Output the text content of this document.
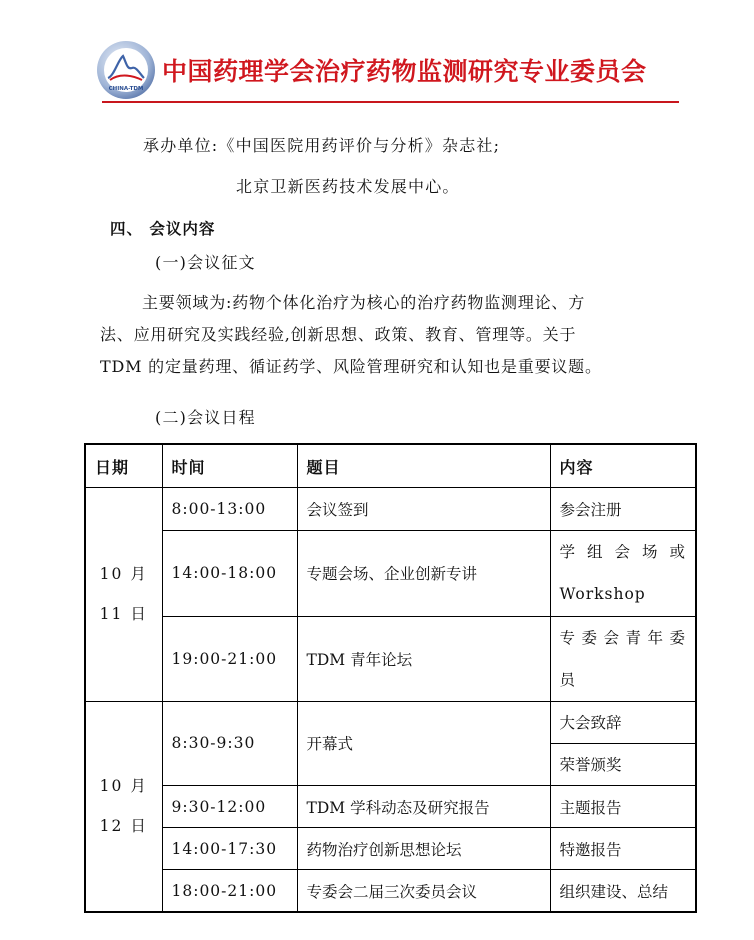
CHINA-TDM
中国药理学会治疗药物监测研究专业委员会
承办单位:《中国医院用药评价与分析》杂志社;
北京卫新医药技术发展中心。
四、 会议内容
(一)会议征文
主要领域为:药物个体化治疗为核心的治疗药物监测理论、方
法、应用研究及实践经验,创新思想、政策、教育、管理等。关于
TDM 的定量药理、循证药学、风险管理研究和认知也是重要议题。
(二)会议日程
日期	时间	题目	内容

10 月
11 日	8:00-13:00	会议签到	参会注册
	14:00-18:00	专题会场、企业创新专讲	学 组 会 场 或
Workshop
	19:00-21:00	TDM 青年论坛	专委会青年委
员

10 月
12 日	8:30-9:30	开幕式	大会致辞
			荣誉颁奖
	9:30-12:00	TDM 学科动态及研究报告	主题报告
	14:00-17:30	药物治疗创新思想论坛	特邀报告
	18:00-21:00	专委会二届三次委员会议	组织建设、总结
